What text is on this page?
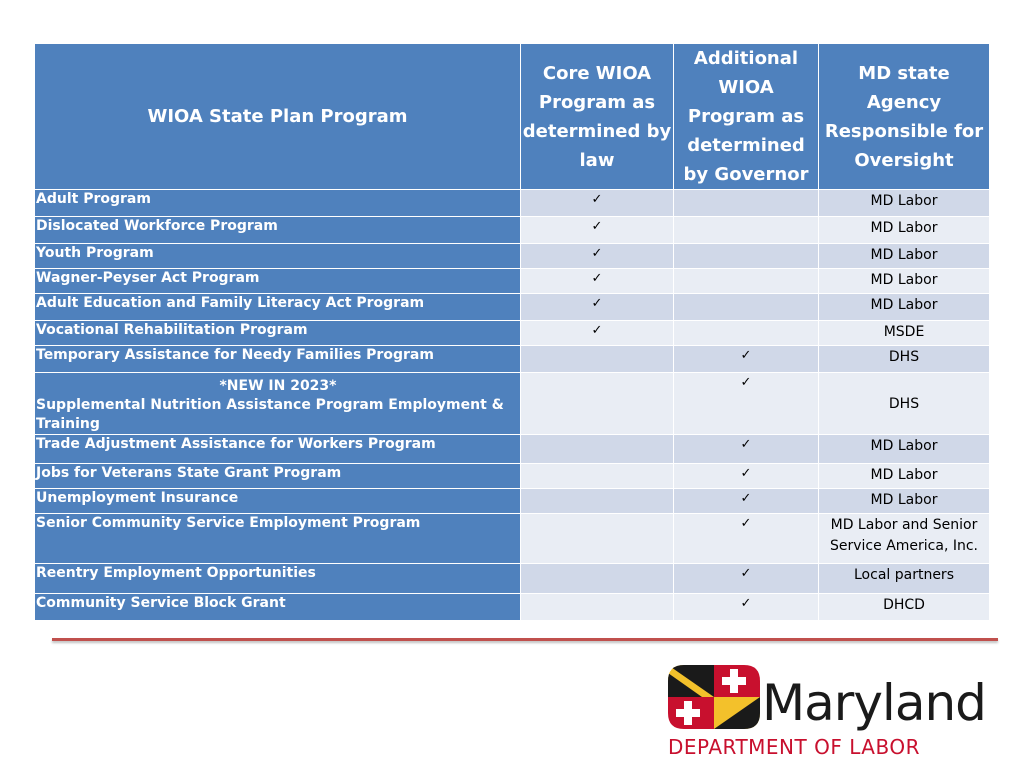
WIOA State Plan Program	Core WIOA Program as determined by law	Additional WIOA Program as determined by Governor	MD state Agency Responsible for Oversight
Adult Program	✓		MD Labor
Dislocated Workforce Program	✓		MD Labor
Youth Program	✓		MD Labor
Wagner-Peyser Act Program	✓		MD Labor
Adult Education and Family Literacy Act Program	✓		MD Labor
Vocational Rehabilitation Program	✓		MSDE
Temporary Assistance for Needy Families Program		✓	DHS

*NEW IN 2023*
Supplemental Nutrition Assistance Program Employment & Training		✓	DHS
Trade Adjustment Assistance for Workers Program		✓	MD Labor
Jobs for Veterans State Grant Program		✓	MD Labor
Unemployment Insurance		✓	MD Labor
Senior Community Service Employment Program		✓	MD Labor and Senior Service America, Inc.
Reentry Employment Opportunities		✓	Local partners
Community Service Block Grant		✓	DHCD
Maryland
DEPARTMENT OF LABOR
